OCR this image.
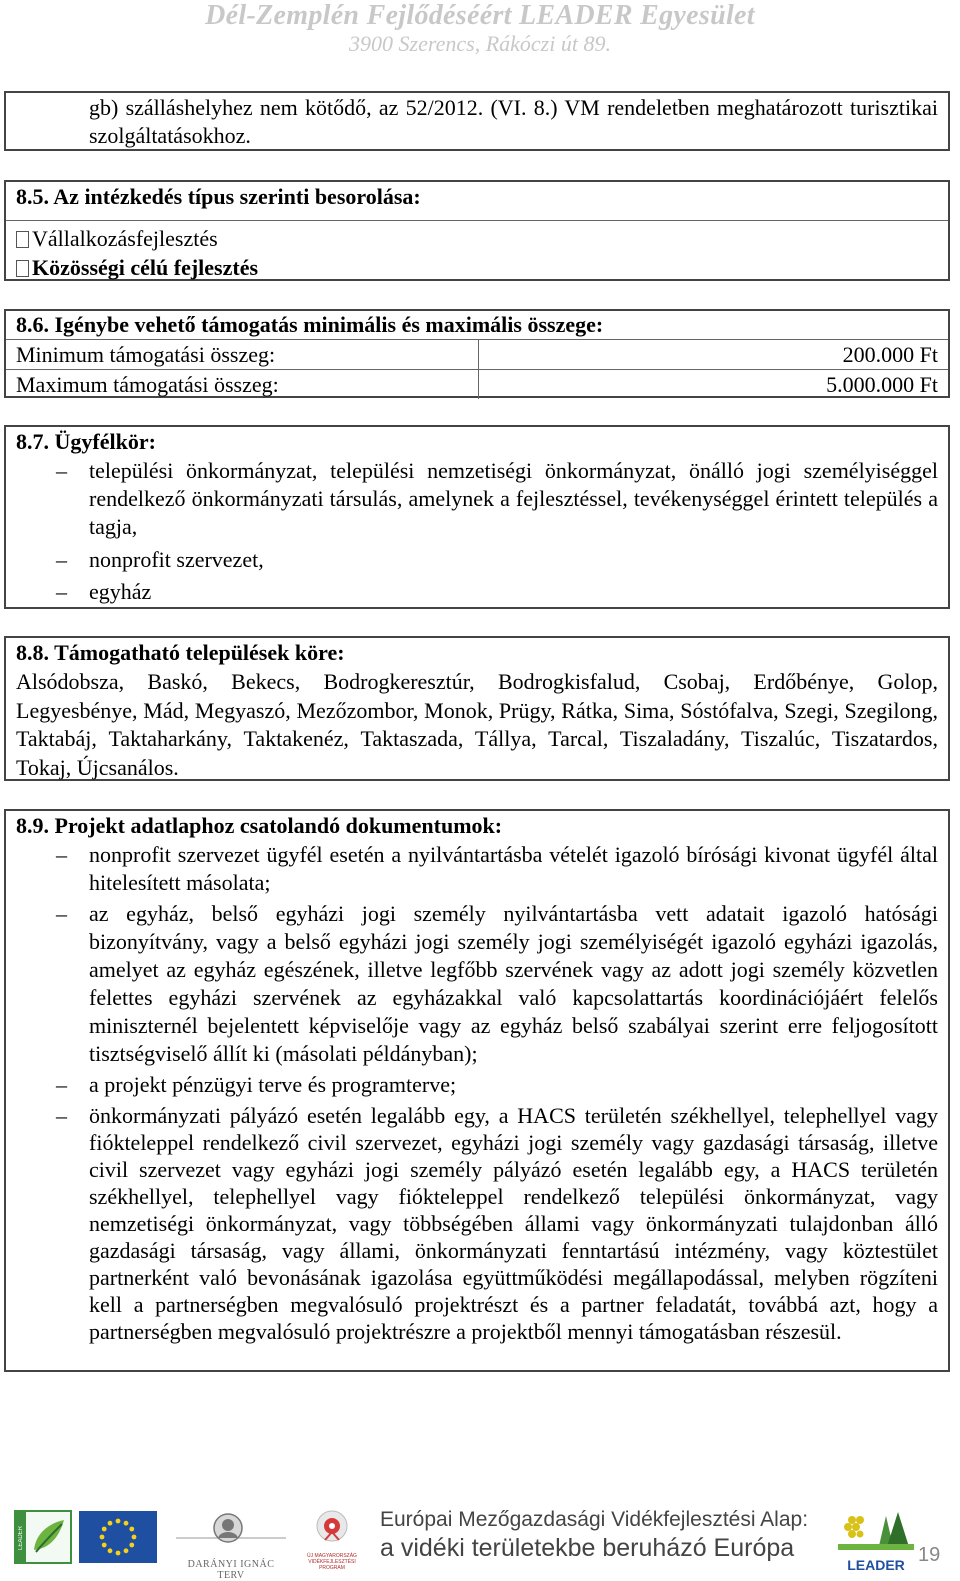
Dél-Zemplén Fejlődéséért LEADER Egyesület
3900 Szerencs, Rákóczi út 89.
gb) szálláshelyhez nem kötődő, az 52/2012. (VI. 8.) VM rendeletben meghatározott turisztikai szolgáltatásokhoz.
8.5. Az intézkedés típus szerinti besorolása:
Vállalkozásfejlesztés
Közösségi célú fejlesztés
8.6. Igénybe vehető támogatás minimális és maximális összege:
Minimum támogatási összeg:	200.000 Ft
Maximum támogatási összeg:	5.000.000 Ft
8.7. Ügyfélkör:
– települési önkormányzat, települési nemzetiségi önkormányzat, önálló jogi személyiséggel rendelkező önkormányzati társulás, amelynek a fejlesztéssel, tevékenységgel érintett település a tagja,
– nonprofit szervezet,
– egyház
8.8. Támogatható települések köre:
Alsódobsza, Baskó, Bekecs, Bodrogkeresztúr, Bodrogkisfalud, Csobaj, Erdőbénye, Golop, Legyesbénye, Mád, Megyaszó, Mezőzombor, Monok, Prügy, Rátka, Sima, Sóstófalva, Szegi, Szegilong, Taktabáj, Taktaharkány, Taktakenéz, Taktaszada, Tállya, Tarcal, Tiszaladány, Tiszalúc, Tiszatardos, Tokaj, Újcsanálos.
8.9. Projekt adatlaphoz csatolandó dokumentumok:
– nonprofit szervezet ügyfél esetén a nyilvántartásba vételét igazoló bírósági kivonat ügyfél által hitelesített másolata;
– az egyház, belső egyházi jogi személy nyilvántartásba vett adatait igazoló hatósági bizonyítvány, vagy a belső egyházi jogi személy jogi személyiségét igazoló egyházi igazolás, amelyet az egyház egészének, illetve legfőbb szervének vagy az adott jogi személy közvetlen felettes egyházi szervének az egyházakkal való kapcsolattartás koordinációjáért felelős miniszternél bejelentett képviselője vagy az egyház belső szabályai szerint erre feljogosított tisztségviselő állít ki (másolati példányban);
– a projekt pénzügyi terve és programterve;
– önkormányzati pályázó esetén legalább egy, a HACS területén székhellyel, telephellyel vagy fiókteleppel rendelkező civil szervezet, egyházi jogi személy vagy gazdasági társaság, illetve civil szervezet vagy egyházi jogi személy pályázó esetén legalább egy, a HACS területén székhellyel, telephellyel vagy fiókteleppel rendelkező települési önkormányzat, vagy nemzetiségi önkormányzat, vagy többségében állami vagy önkormányzati tulajdonban álló gazdasági társaság, vagy állami, önkormányzati fenntartású intézmény, vagy köztestület partnerként való bevonásának igazolása együttműködési megállapodással, melyben rögzíteni kell a partnerségben megvalósuló projektrészt és a partner feladatát, továbbá azt, hogy a partnerségben megvalósuló projektrészre a projektből mennyi támogatásban részesül.
LEADER
DARÁNYI IGNÁC TERV
ÚJ MAGYARORSZÁG VIDÉKFEJLESZTÉSI PROGRAM
Európai Mezőgazdasági Vidékfejlesztési Alap:
a vidéki területekbe beruházó Európa
LEADER 19
